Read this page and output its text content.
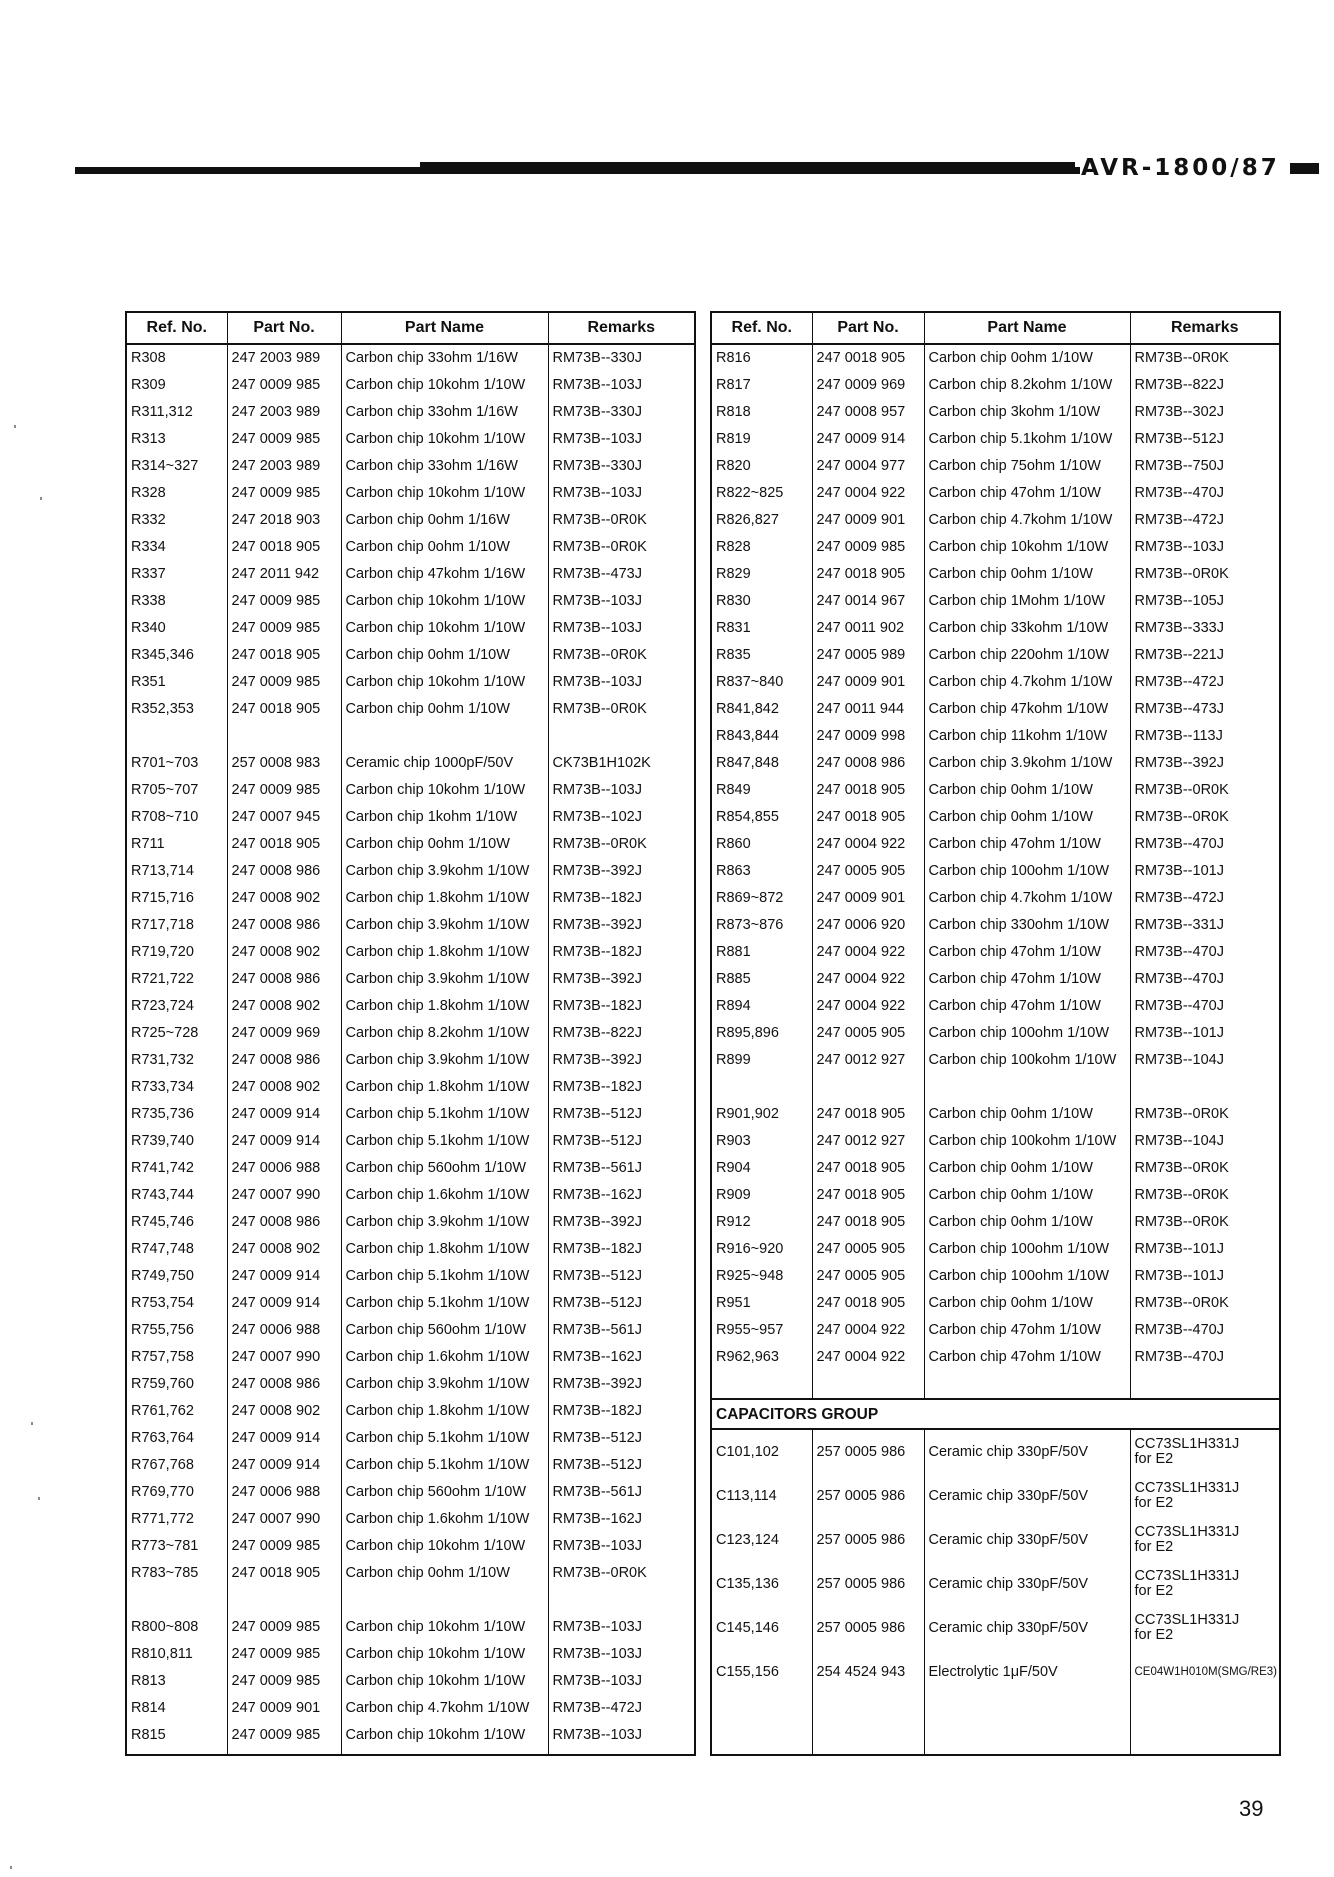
AVR-1800/87
Ref. No.	Part No.	Part Name	Remarks
R308	247 2003 989	Carbon chip 33ohm 1/16W	RM73B--330J
R309	247 0009 985	Carbon chip 10kohm 1/10W	RM73B--103J
R311,312	247 2003 989	Carbon chip 33ohm 1/16W	RM73B--330J
R313	247 0009 985	Carbon chip 10kohm 1/10W	RM73B--103J
R314~327	247 2003 989	Carbon chip 33ohm 1/16W	RM73B--330J
R328	247 0009 985	Carbon chip 10kohm 1/10W	RM73B--103J
R332	247 2018 903	Carbon chip 0ohm 1/16W	RM73B--0R0K
R334	247 0018 905	Carbon chip 0ohm 1/10W	RM73B--0R0K
R337	247 2011 942	Carbon chip 47kohm 1/16W	RM73B--473J
R338	247 0009 985	Carbon chip 10kohm 1/10W	RM73B--103J
R340	247 0009 985	Carbon chip 10kohm 1/10W	RM73B--103J
R345,346	247 0018 905	Carbon chip 0ohm 1/10W	RM73B--0R0K
R351	247 0009 985	Carbon chip 10kohm 1/10W	RM73B--103J
R352,353	247 0018 905	Carbon chip 0ohm 1/10W	RM73B--0R0K

R701~703	257 0008 983	Ceramic chip 1000pF/50V	CK73B1H102K
R705~707	247 0009 985	Carbon chip 10kohm 1/10W	RM73B--103J
R708~710	247 0007 945	Carbon chip 1kohm 1/10W	RM73B--102J
R711	247 0018 905	Carbon chip 0ohm 1/10W	RM73B--0R0K
R713,714	247 0008 986	Carbon chip 3.9kohm 1/10W	RM73B--392J
R715,716	247 0008 902	Carbon chip 1.8kohm 1/10W	RM73B--182J
R717,718	247 0008 986	Carbon chip 3.9kohm 1/10W	RM73B--392J
R719,720	247 0008 902	Carbon chip 1.8kohm 1/10W	RM73B--182J
R721,722	247 0008 986	Carbon chip 3.9kohm 1/10W	RM73B--392J
R723,724	247 0008 902	Carbon chip 1.8kohm 1/10W	RM73B--182J
R725~728	247 0009 969	Carbon chip 8.2kohm 1/10W	RM73B--822J
R731,732	247 0008 986	Carbon chip 3.9kohm 1/10W	RM73B--392J
R733,734	247 0008 902	Carbon chip 1.8kohm 1/10W	RM73B--182J
R735,736	247 0009 914	Carbon chip 5.1kohm 1/10W	RM73B--512J
R739,740	247 0009 914	Carbon chip 5.1kohm 1/10W	RM73B--512J
R741,742	247 0006 988	Carbon chip 560ohm 1/10W	RM73B--561J
R743,744	247 0007 990	Carbon chip 1.6kohm 1/10W	RM73B--162J
R745,746	247 0008 986	Carbon chip 3.9kohm 1/10W	RM73B--392J
R747,748	247 0008 902	Carbon chip 1.8kohm 1/10W	RM73B--182J
R749,750	247 0009 914	Carbon chip 5.1kohm 1/10W	RM73B--512J
R753,754	247 0009 914	Carbon chip 5.1kohm 1/10W	RM73B--512J
R755,756	247 0006 988	Carbon chip 560ohm 1/10W	RM73B--561J
R757,758	247 0007 990	Carbon chip 1.6kohm 1/10W	RM73B--162J
R759,760	247 0008 986	Carbon chip 3.9kohm 1/10W	RM73B--392J
R761,762	247 0008 902	Carbon chip 1.8kohm 1/10W	RM73B--182J
R763,764	247 0009 914	Carbon chip 5.1kohm 1/10W	RM73B--512J
R767,768	247 0009 914	Carbon chip 5.1kohm 1/10W	RM73B--512J
R769,770	247 0006 988	Carbon chip 560ohm 1/10W	RM73B--561J
R771,772	247 0007 990	Carbon chip 1.6kohm 1/10W	RM73B--162J
R773~781	247 0009 985	Carbon chip 10kohm 1/10W	RM73B--103J
R783~785	247 0018 905	Carbon chip 0ohm 1/10W	RM73B--0R0K

R800~808	247 0009 985	Carbon chip 10kohm 1/10W	RM73B--103J
R810,811	247 0009 985	Carbon chip 10kohm 1/10W	RM73B--103J
R813	247 0009 985	Carbon chip 10kohm 1/10W	RM73B--103J
R814	247 0009 901	Carbon chip 4.7kohm 1/10W	RM73B--472J
R815	247 0009 985	Carbon chip 10kohm 1/10W	RM73B--103J

Ref. No.	Part No.	Part Name	Remarks
R816	247 0018 905	Carbon chip 0ohm 1/10W	RM73B--0R0K
R817	247 0009 969	Carbon chip 8.2kohm 1/10W	RM73B--822J
R818	247 0008 957	Carbon chip 3kohm 1/10W	RM73B--302J
R819	247 0009 914	Carbon chip 5.1kohm 1/10W	RM73B--512J
R820	247 0004 977	Carbon chip 75ohm 1/10W	RM73B--750J
R822~825	247 0004 922	Carbon chip 47ohm 1/10W	RM73B--470J
R826,827	247 0009 901	Carbon chip 4.7kohm 1/10W	RM73B--472J
R828	247 0009 985	Carbon chip 10kohm 1/10W	RM73B--103J
R829	247 0018 905	Carbon chip 0ohm 1/10W	RM73B--0R0K
R830	247 0014 967	Carbon chip 1Mohm 1/10W	RM73B--105J
R831	247 0011 902	Carbon chip 33kohm 1/10W	RM73B--333J
R835	247 0005 989	Carbon chip 220ohm 1/10W	RM73B--221J
R837~840	247 0009 901	Carbon chip 4.7kohm 1/10W	RM73B--472J
R841,842	247 0011 944	Carbon chip 47kohm 1/10W	RM73B--473J
R843,844	247 0009 998	Carbon chip 11kohm 1/10W	RM73B--113J
R847,848	247 0008 986	Carbon chip 3.9kohm 1/10W	RM73B--392J
R849	247 0018 905	Carbon chip 0ohm 1/10W	RM73B--0R0K
R854,855	247 0018 905	Carbon chip 0ohm 1/10W	RM73B--0R0K
R860	247 0004 922	Carbon chip 47ohm 1/10W	RM73B--470J
R863	247 0005 905	Carbon chip 100ohm 1/10W	RM73B--101J
R869~872	247 0009 901	Carbon chip 4.7kohm 1/10W	RM73B--472J
R873~876	247 0006 920	Carbon chip 330ohm 1/10W	RM73B--331J
R881	247 0004 922	Carbon chip 47ohm 1/10W	RM73B--470J
R885	247 0004 922	Carbon chip 47ohm 1/10W	RM73B--470J
R894	247 0004 922	Carbon chip 47ohm 1/10W	RM73B--470J
R895,896	247 0005 905	Carbon chip 100ohm 1/10W	RM73B--101J
R899	247 0012 927	Carbon chip 100kohm 1/10W	RM73B--104J

R901,902	247 0018 905	Carbon chip 0ohm 1/10W	RM73B--0R0K
R903	247 0012 927	Carbon chip 100kohm 1/10W	RM73B--104J
R904	247 0018 905	Carbon chip 0ohm 1/10W	RM73B--0R0K
R909	247 0018 905	Carbon chip 0ohm 1/10W	RM73B--0R0K
R912	247 0018 905	Carbon chip 0ohm 1/10W	RM73B--0R0K
R916~920	247 0005 905	Carbon chip 100ohm 1/10W	RM73B--101J
R925~948	247 0005 905	Carbon chip 100ohm 1/10W	RM73B--101J
R951	247 0018 905	Carbon chip 0ohm 1/10W	RM73B--0R0K
R955~957	247 0004 922	Carbon chip 47ohm 1/10W	RM73B--470J
R962,963	247 0004 922	Carbon chip 47ohm 1/10W	RM73B--470J

CAPACITORS GROUP			
C101,102	257 0005 986	Ceramic chip 330pF/50V	CC73SL1H331J
for E2

C113,114	257 0005 986	Ceramic chip 330pF/50V	CC73SL1H331J
for E2

C123,124	257 0005 986	Ceramic chip 330pF/50V	CC73SL1H331J
for E2

C135,136	257 0005 986	Ceramic chip 330pF/50V	CC73SL1H331J
for E2

C145,146	257 0005 986	Ceramic chip 330pF/50V	CC73SL1H331J
for E2

C155,156	254 4524 943	Electrolytic 1μF/50V	CE04W1H010M(SMG/RE3)

39
